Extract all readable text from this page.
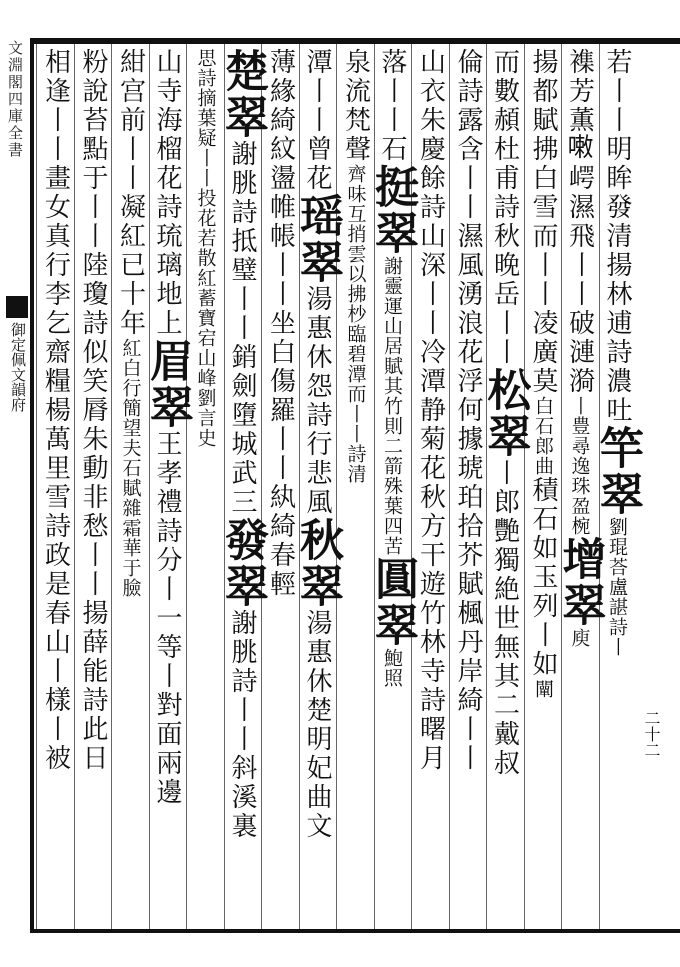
文淵閣四庫全書
御定佩文韻府	若丨丨明眸發清揚林逋詩濃吐竿翠劉琨荅盧諶詩丨
襍芳薫𠻳崿濕飛丨丨破漣漪丨豊尋逸珠盈椀增翠庾
揚都賦拂白雪而丨丨凌廣莫白石郎曲積石如玉列丨如闡
而數頳杜甫詩秋晚岳丨丨松翠丨郎艷獨絶世無其二戴叔
倫詩露含丨丨濕風湧浪花浮何據琥珀拾芥賦楓丹岸綺丨丨
山衣朱慶餘詩山深丨丨冷潭静菊花秋方干遊竹林寺詩曙月
落丨丨石挺翠謝靈運山居賦其竹則二箭殊葉四苦圓翠鮑照
泉流梵聲齊味互捎雲以拂杪臨碧潭而丨丨詩清
潭丨丨曾花瑶翠湯惠休怨詩行悲風秋翠湯惠休楚明妃曲文
薄緣綺紋盪帷帳丨丨坐白傷羅丨丨紈綺春輕
楚翠謝朓詩抵璧丨丨銷劍墮城武三發翠謝朓詩丨丨斜溪裏
思詩摘葉疑丨丨投花若散紅蓄寶宕山峰劉言史
山寺海榴花詩琉璃地上眉翠王孝禮詩分丨一等丨對面兩邊
紺宫前丨丨凝紅已十年紅白行簡望夫石賦雜霜華于臉
粉說苔點于丨丨陸瓊詩似笑脣朱動非愁丨丨揚薛能詩此日
相逢丨丨畫女真行李乞齋糧楊萬里雪詩政是春山丨樣丨被	二十二
